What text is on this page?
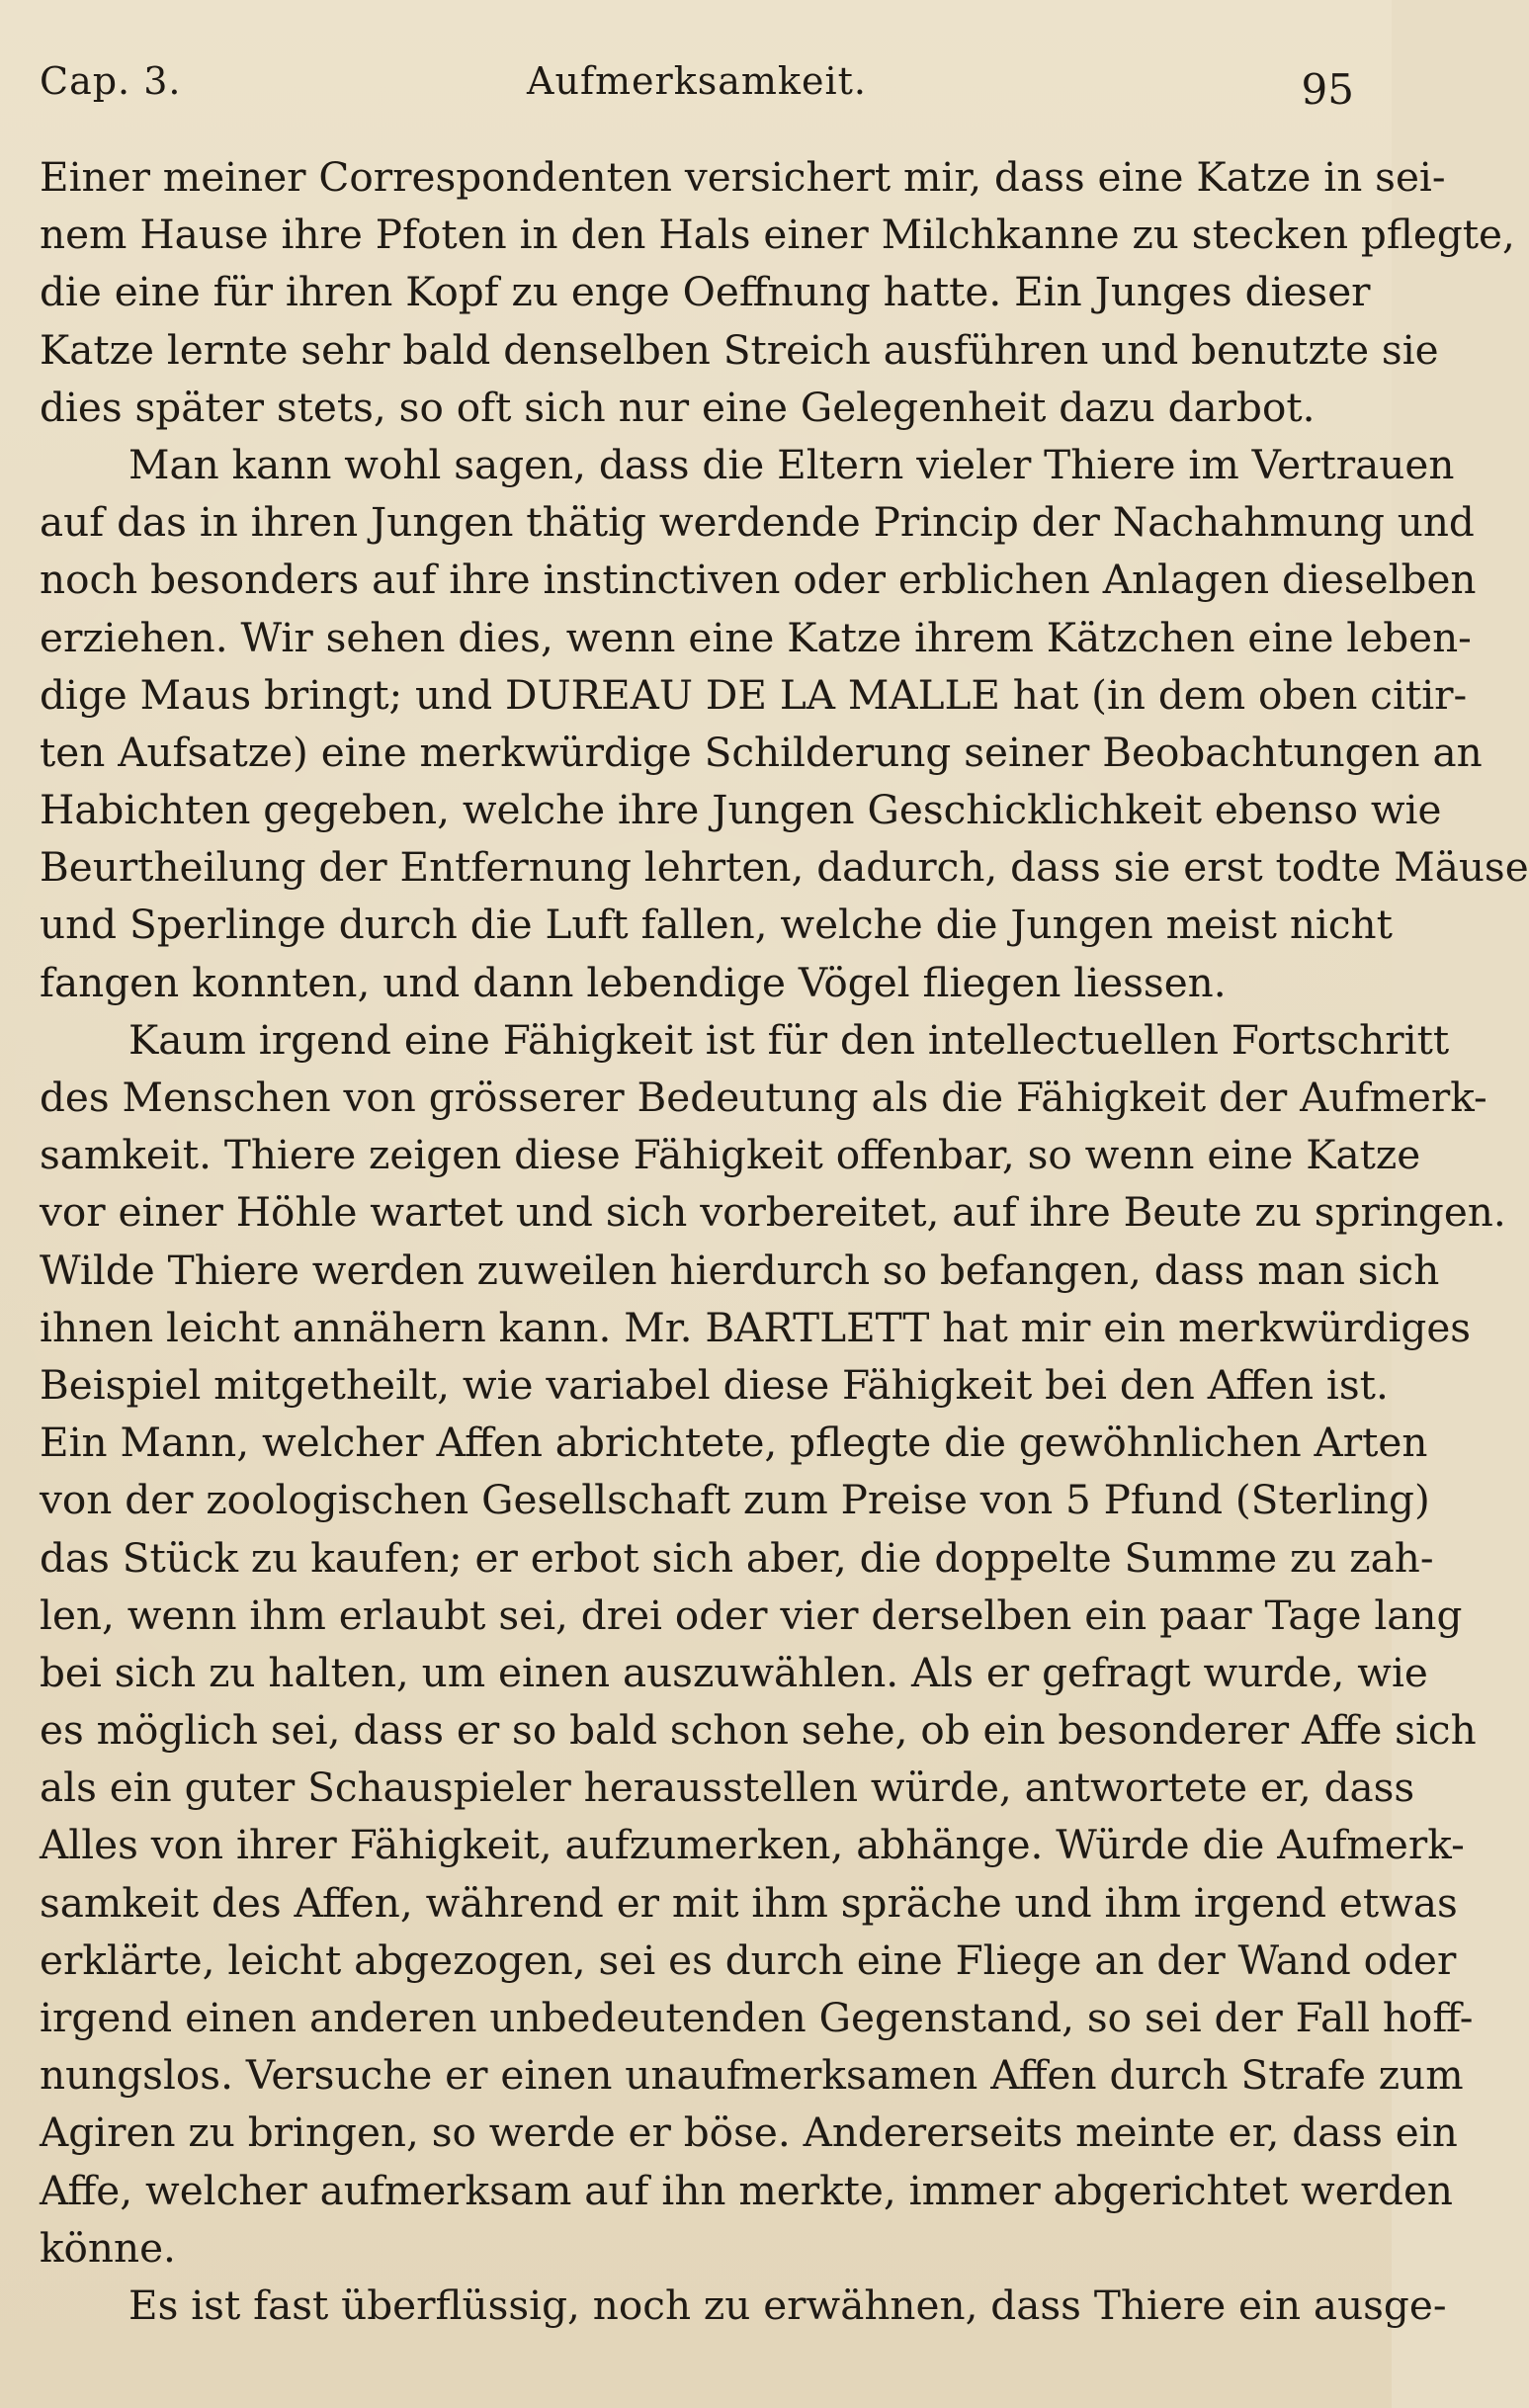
Cap. 3.	Aufmerksamkeit.	95
Einer meiner Correspondenten versichert mir, dass eine Katze in sei-
nem Hause ihre Pfoten in den Hals einer Milchkanne zu stecken pflegte,
die eine für ihren Kopf zu enge Oeffnung hatte. Ein Junges dieser
Katze lernte sehr bald denselben Streich ausführen und benutzte sie
dies später stets, so oft sich nur eine Gelegenheit dazu darbot.
Man kann wohl sagen, dass die Eltern vieler Thiere im Vertrauen
auf das in ihren Jungen thätig werdende Princip der Nachahmung und
noch besonders auf ihre instinctiven oder erblichen Anlagen dieselben
erziehen. Wir sehen dies, wenn eine Katze ihrem Kätzchen eine leben-
dige Maus bringt; und DUREAU DE LA MALLE hat (in dem oben citir-
ten Aufsatze) eine merkwürdige Schilderung seiner Beobachtungen an
Habichten gegeben, welche ihre Jungen Geschicklichkeit ebenso wie
Beurtheilung der Entfernung lehrten, dadurch, dass sie erst todte Mäuse
und Sperlinge durch die Luft fallen, welche die Jungen meist nicht
fangen konnten, und dann lebendige Vögel fliegen liessen.
Kaum irgend eine Fähigkeit ist für den intellectuellen Fortschritt
des Menschen von grösserer Bedeutung als die Fähigkeit der Aufmerk-
samkeit. Thiere zeigen diese Fähigkeit offenbar, so wenn eine Katze
vor einer Höhle wartet und sich vorbereitet, auf ihre Beute zu springen.
Wilde Thiere werden zuweilen hierdurch so befangen, dass man sich
ihnen leicht annähern kann. Mr. BARTLETT hat mir ein merkwürdiges
Beispiel mitgetheilt, wie variabel diese Fähigkeit bei den Affen ist.
Ein Mann, welcher Affen abrichtete, pflegte die gewöhnlichen Arten
von der zoologischen Gesellschaft zum Preise von 5 Pfund (Sterling)
das Stück zu kaufen; er erbot sich aber, die doppelte Summe zu zah-
len, wenn ihm erlaubt sei, drei oder vier derselben ein paar Tage lang
bei sich zu halten, um einen auszuwählen. Als er gefragt wurde, wie
es möglich sei, dass er so bald schon sehe, ob ein besonderer Affe sich
als ein guter Schauspieler herausstellen würde, antwortete er, dass
Alles von ihrer Fähigkeit, aufzumerken, abhänge. Würde die Aufmerk-
samkeit des Affen, während er mit ihm spräche und ihm irgend etwas
erklärte, leicht abgezogen, sei es durch eine Fliege an der Wand oder
irgend einen anderen unbedeutenden Gegenstand, so sei der Fall hoff-
nungslos. Versuche er einen unaufmerksamen Affen durch Strafe zum
Agiren zu bringen, so werde er böse. Andererseits meinte er, dass ein
Affe, welcher aufmerksam auf ihn merkte, immer abgerichtet werden
könne.
Es ist fast überflüssig, noch zu erwähnen, dass Thiere ein ausge-
